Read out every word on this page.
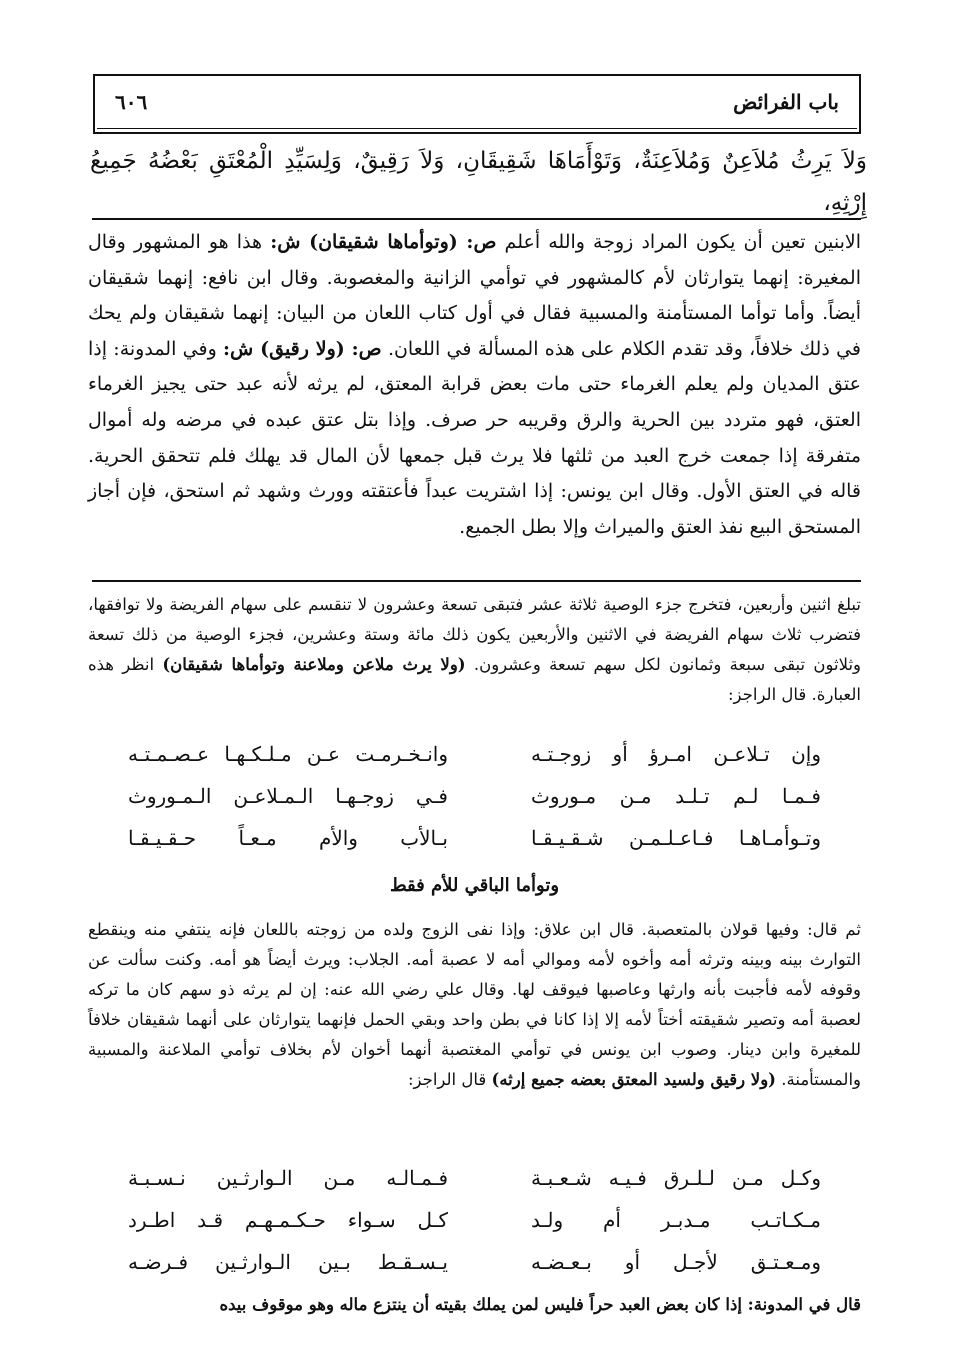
باب الفرائض
٦٠٦
وَلاَ يَرِثُ مُلاَعِنٌ وَمُلاَعِنَةٌ، وَتَوْأَمَاهَا شَقِيقَانِ، وَلاَ رَقِيقٌ، وَلِسَيِّدِ الْمُعْتَقِ بَعْضُهُ جَمِيعُ إِرْثِهِ،
الابنين تعين أن يكون المراد زوجة والله أعلم ص: (وتوأماها شقيقان) ش: هذا هو المشهور وقال المغيرة: إنهما يتوارثان لأم كالمشهور في توأمي الزانية والمغصوبة. وقال ابن نافع: إنهما شقيقان أيضاً. وأما توأما المستأمنة والمسبية فقال في أول كتاب اللعان من البيان: إنهما شقيقان ولم يحك في ذلك خلافاً، وقد تقدم الكلام على هذه المسألة في اللعان. ص: (ولا رقيق) ش: وفي المدونة: إذا عتق المديان ولم يعلم الغرماء حتى مات بعض قرابة المعتق، لم يرثه لأنه عبد حتى يجيز الغرماء العتق، فهو متردد بين الحرية والرق وقريبه حر صرف. وإذا بتل عتق عبده في مرضه وله أموال متفرقة إذا جمعت خرج العبد من ثلثها فلا يرث قبل جمعها لأن المال قد يهلك فلم تتحقق الحرية. قاله في العتق الأول. وقال ابن يونس: إذا اشتريت عبداً فأعتقته وورث وشهد ثم استحق، فإن أجاز المستحق البيع نفذ العتق والميراث وإلا بطل الجميع.
تبلغ اثنين وأربعين، فتخرج جزء الوصية ثلاثة عشر فتبقى تسعة وعشرون لا تنقسم على سهام الفريضة ولا توافقها، فتضرب ثلاث سهام الفريضة في الاثنين والأربعين يكون ذلك مائة وستة وعشرين، فجزء الوصية من ذلك تسعة وثلاثون تبقى سبعة وثمانون لكل سهم تسعة وعشرون. (ولا يرث ملاعن وملاعنة وتوأماها شقيقان) انظر هذه العبارة. قال الراجز:
وإن تـلاعـن امـرؤ أو زوجـتـه
وانـخـرمـت عـن مـلـكـهـا عـصـمـتـه
فـمـا لـم تـلـد مـن مـوروث
فـي زوجـهـا الـمـلاعـن الـمـوروث
وتـوأمـاهـا فـاعـلـمـن شـقـيـقـا
بـالأب والأم مـعـاً حـقـيـقـا
وتوأما الباقي للأم فقط
ثم قال: وفيها قولان بالمتعصبة. قال ابن علاق: وإذا نفى الزوج ولده من زوجته باللعان فإنه ينتفي منه وينقطع التوارث بينه وبينه وترثه أمه وأخوه لأمه وموالي أمه لا عصبة أمه. الجلاب: ويرث أيضاً هو أمه. وكنت سألت عن وقوفه لأمه فأجبت بأنه وارثها وعاصبها فيوقف لها. وقال علي رضي الله عنه: إن لم يرثه ذو سهم كان ما تركه لعصبة أمه وتصير شقيقته أختاً لأمه إلا إذا كانا في بطن واحد وبقي الحمل فإنهما يتوارثان على أنهما شقيقان خلافاً للمغيرة وابن دينار. وصوب ابن يونس في توأمي المغتصبة أنهما أخوان لأم بخلاف توأمي الملاعنة والمسبية والمستأمنة. (ولا رقيق ولسيد المعتق بعضه جميع إرثه) قال الراجز:
وكـل مـن لـلـرق فـيـه شـعـبـة
فـمـالـه مـن الـوارثـين نـسـبـة
مـكـاتـب مـدبـر أم ولـد
كـل سـواء حـكـمـهـم قـد اطـرد
ومـعـتـق لأجـل أو بـعـضـه
يـسـقـط بـين الـوارثـين فـرضـه
قال في المدونة: إذا كان بعض العبد حراً فليس لمن يملك بقيته أن ينتزع ماله وهو موقوف بيده
